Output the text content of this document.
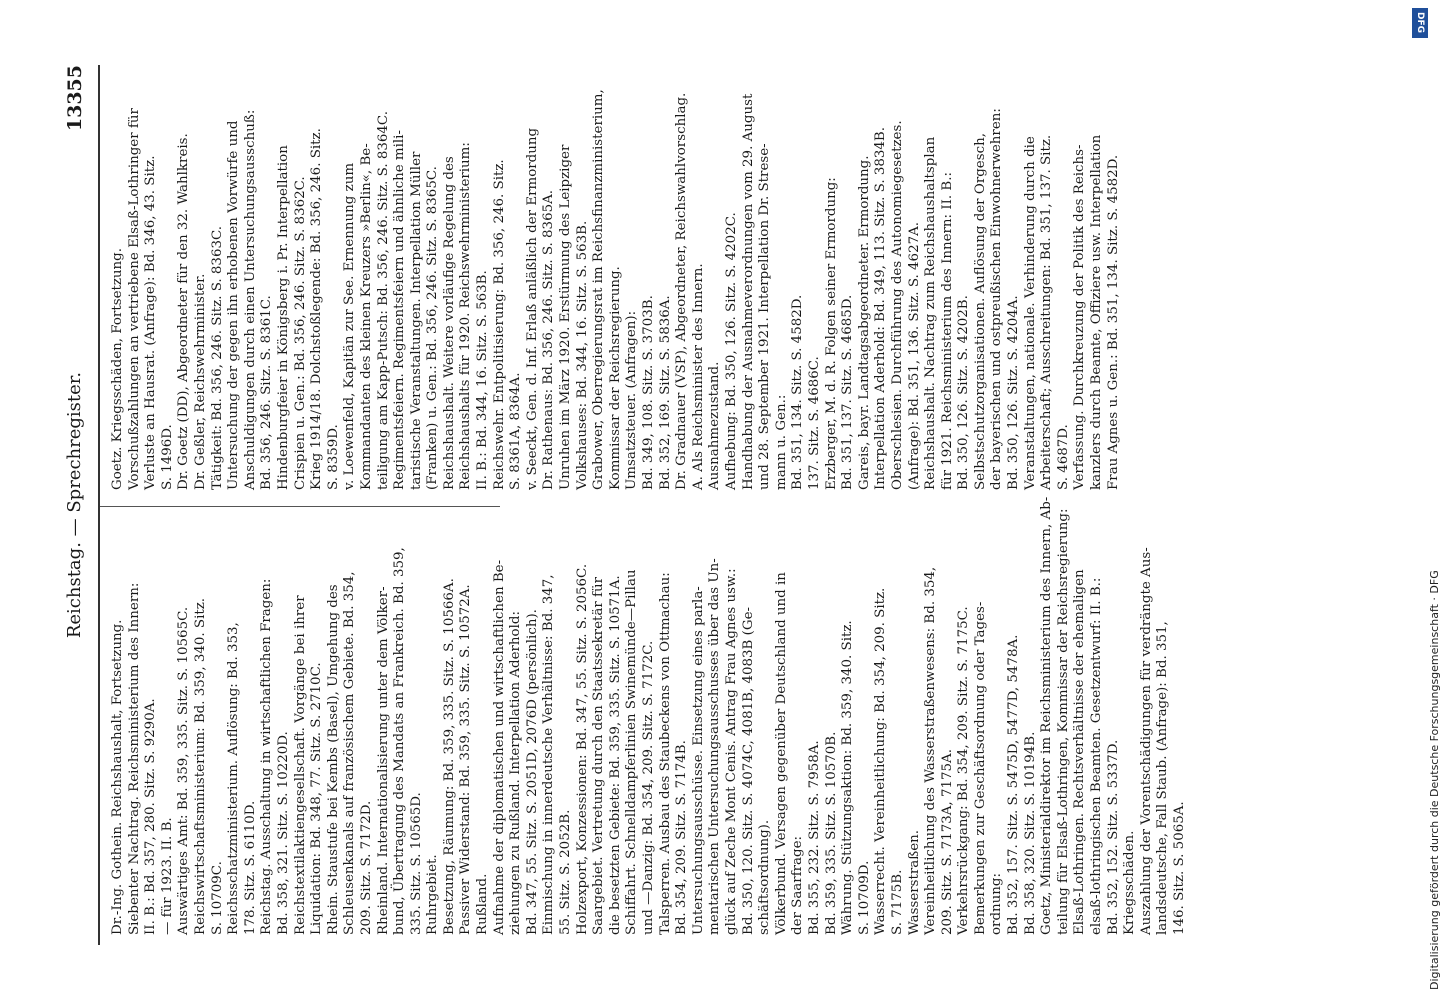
Reichstag. — Sprechregister.
13355
Dr.-Ing. Gothein. Reichshaushalt, Fortsetzung. Siebenter Nachtrag. Reichsministerium des Innern: II. B.: Bd. 357, 280. Sitz. S. 9290A. — für 1923. II. B. Auswärtiges Amt: Bd. 359, 335. Sitz. S. 10565C. Reichswirtschaftsministerium: Bd. 359, 340. Sitz. S. 10709C. Reichsschatzministerium. Auflösung: Bd. 353, 178. Sitz. S. 6110D. Reichstag. Ausschaltung in wirtschaftlichen Fragen: Bd. 358, 321. Sitz. S. 10220D. Reichstextilaktiengesellschaft. Vorgänge bei ihrer Liquidation: Bd. 348, 77. Sitz. S. 2710C. Rhein. Staustufe bei Kembs (Basel), Umgehung des Schleusenkanals auf französischem Gebiete. Bd. 354, 209. Sitz. S. 7172D. Rheinland. Internationalisierung unter dem Völker- bund, Übertragung des Mandats an Frankreich. Bd. 359, 335. Sitz. S. 10565D. Ruhrgebiet. Besetzung, Räumung: Bd. 359, 335. Sitz. S. 10566A. Passiver Widerstand: Bd. 359, 335. Sitz. S. 10572A. Rußland. Aufnahme der diplomatischen und wirtschaftlichen Be- ziehungen zu Rußland. Interpellation Aderhold: Bd. 347, 55. Sitz. S. 2051D, 2076D (persönlich). Einmischung in innerdeutsche Verhältnisse: Bd. 347, 55. Sitz. S. 2052B. Holzexport, Konzessionen: Bd. 347, 55. Sitz. S. 2056C. Saargebiet. Vertretung durch den Staatssekretär für die besetzten Gebiete: Bd. 359, 335. Sitz. S. 10571A. Schiffahrt. Schnelldampferlinien Swinemünde—Pillau und —Danzig: Bd. 354, 209. Sitz. S. 7172C. Talsperren. Ausbau des Staubeckens von Ottmachau: Bd. 354, 209. Sitz. S. 7174B. Untersuchungsausschüsse. Einsetzung eines parla- mentarischen Untersuchungsausschusses über das Un- glück auf Zeche Mont Cenis. Antrag Frau Agnes usw.: Bd. 350, 120. Sitz. S. 4074C, 4081B, 4083B (Ge- schäftsordnung). Völkerbund. Versagen gegenüber Deutschland und in der Saarfrage: Bd. 355, 232. Sitz. S. 7958A. Bd. 359, 335. Sitz. S. 10570B. Währung. Stützungsaktion: Bd. 359, 340. Sitz. S. 10709D. Wasserrecht. Vereinheitlichung: Bd. 354, 209. Sitz. S. 7175B. Wasserstraßen. Vereinheitlichung des Wasserstraßenwesens: Bd. 354, 209. Sitz. S. 7173A, 7175A. Verkehrsrückgang: Bd. 354, 209. Sitz. S. 7175C. Bemerkungen zur Geschäftsordnung oder Tages- ordnung: Bd. 352, 157. Sitz. S. 5475D, 5477D, 5478A. Bd. 358, 320. Sitz. S. 10194B. Goetz, Ministerialdirektor im Reichsministerium des Innern, Ab- teilung für Elsaß-Lothringen, Kommissar der Reichsregierung: Elsaß-Lothringen. Rechtsverhältnisse der ehemaligen elsaß-lothringischen Beamten. Gesetzentwurf: II. B.: Bd. 352, 152. Sitz. S. 5337D. Kriegsschäden. Auszahlung der Vorentschädigungen für verdrängte Aus- landsdeutsche, Fall Staub. (Anfrage): Bd. 351, 146. Sitz. S. 5065A.
Goetz. Kriegsschäden, Fortsetzung. Vorschußzahlungen an vertriebene Elsaß-Lothringer für Verluste an Hausrat. (Anfrage): Bd. 346, 43. Sitz. S. 1496D. Dr. Goetz (DD), Abgeordneter für den 32. Wahlkreis. Dr. Geßler, Reichswehrminister. Tätigkeit: Bd. 356, 246. Sitz. S. 8363C. Untersuchung der gegen ihn erhobenen Vorwürfe und Anschuldigungen durch einen Untersuchungsausschuß: Bd. 356, 246. Sitz. S. 8361C. Hindenburgfeier in Königsberg i. Pr. Interpellation Crispien u. Gen.: Bd. 356, 246. Sitz. S. 8362C. Krieg 1914/18. Dolchstoßlegende: Bd. 356, 246. Sitz. S. 8359D. v. Loewenfeld, Kapitän zur See. Ernennung zum Kommandanten des kleinen Kreuzers »Berlin«, Be- teiligung am Kapp-Putsch: Bd. 356, 246. Sitz. S. 8364C. Regimentsfeiern. Regimentsfeiern und ähnliche mili- taristische Veranstaltungen. Interpellation Müller (Franken) u. Gen.: Bd. 356, 246. Sitz. S. 8365C. Reichshaushalt. Weitere vorläufige Regelung des Reichshaushalts für 1920. Reichswehrministerium: II. B.: Bd. 344, 16. Sitz. S. 563B. Reichswehr. Entpolitisierung: Bd. 356, 246. Sitz. S. 8361A, 8364A. v. Seeckt, Gen. d. Inf. Erlaß anläßlich der Ermordung Dr. Rathenaus: Bd. 356, 246. Sitz. S. 8365A. Unruhen im März 1920. Erstürmung des Leipziger Volkshauses: Bd. 344, 16. Sitz. S. 563B. Grabower, Oberregierungsrat im Reichsfinanzministerium, Kommissar der Reichsregierung. Umsatzsteuer. (Anfragen): Bd. 349, 108. Sitz. S. 3703B. Bd. 352, 169. Sitz. S. 5836A. Dr. Gradnauer (VSP), Abgeordneter, Reichswahlvorschlag. A. Als Reichsminister des Innern. Ausnahmezustand. Aufhebung: Bd. 350, 126. Sitz. S. 4202C. Handhabung der Ausnahmeverordnungen vom 29. August und 28. September 1921. Interpellation Dr. Strese- mann u. Gen.: Bd. 351, 134. Sitz. S. 4582D. 137. Sitz. S. 4686C. Erzberger, M. d. R. Folgen seiner Ermordung: Bd. 351, 137. Sitz. S. 4685D. Gareis, bayr. Landtagsabgeordneter. Ermordung. Interpellation Aderhold: Bd. 349, 113. Sitz. S. 3834B. Oberschlesien. Durchführung des Autonomiegesetzes. (Anfrage): Bd. 351, 136. Sitz. S. 4627A. Reichshaushalt. Nachtrag zum Reichshaushaltsplan für 1921. Reichsministerium des Innern: II. B.: Bd. 350, 126. Sitz. S. 4202B. Selbstschutzorganisationen. Auflösung der Orgesch, der bayerischen und ostpreußischen Einwohnerwehren: Bd. 350, 126. Sitz. S. 4204A. Veranstaltungen, nationale. Verhinderung durch die Arbeiterschaft; Ausschreitungen: Bd. 351, 137. Sitz. S. 4687D. Verfassung. Durchkreuzung der Politik des Reichs- kanzlers durch Beamte, Offiziere usw. Interpellation Frau Agnes u. Gen.: Bd. 351, 134. Sitz. S. 4582D.
DFG
Digitalisierung gefördert durch die Deutsche Forschungsgemeinschaft · DFG
